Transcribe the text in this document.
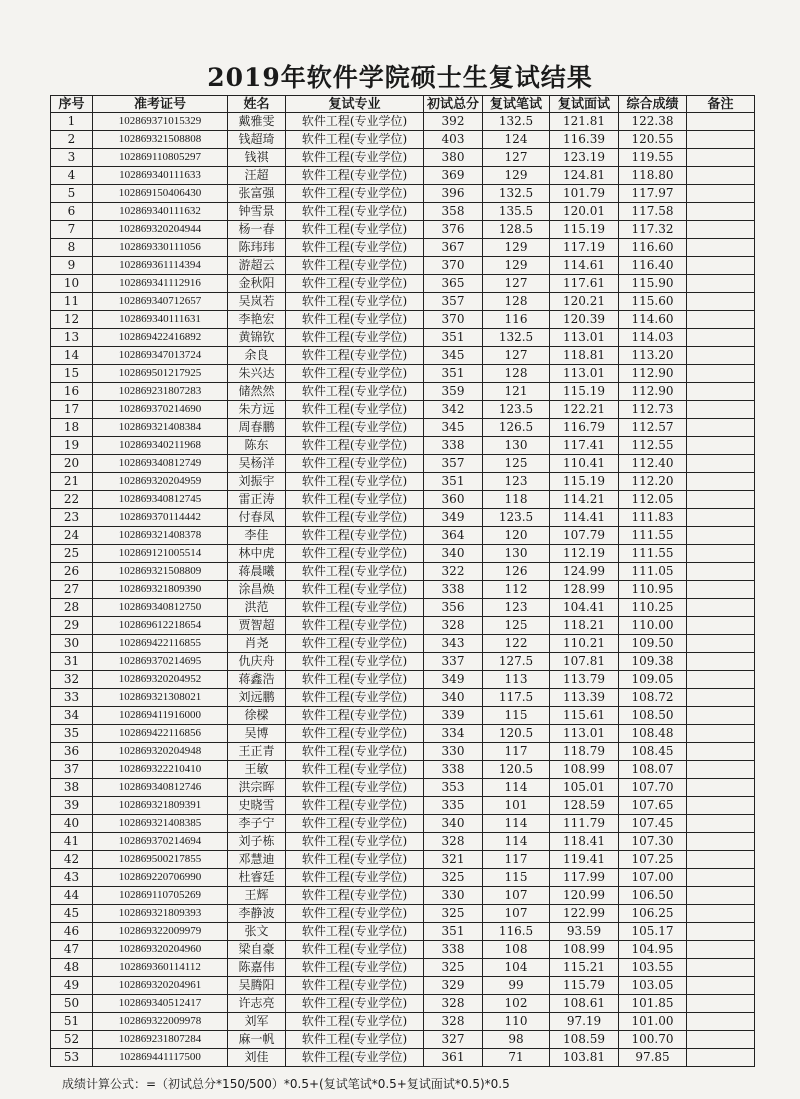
2019年软件学院硕士生复试结果
序号	准考证号	姓名	复试专业	初试总分	复试笔试	复试面试	综合成绩	备注
1	102869371015329	戴雅雯	软件工程(专业学位)	392	132.5	121.81	122.38	
2	102869321508808	钱超琦	软件工程(专业学位)	403	124	116.39	120.55	
3	102869110805297	钱祺	软件工程(专业学位)	380	127	123.19	119.55	
4	102869340111633	汪超	软件工程(专业学位)	369	129	124.81	118.80	
5	102869150406430	张富强	软件工程(专业学位)	396	132.5	101.79	117.97	
6	102869340111632	钟雪景	软件工程(专业学位)	358	135.5	120.01	117.58	
7	102869320204944	杨一春	软件工程(专业学位)	376	128.5	115.19	117.32	
8	102869330111056	陈玮玮	软件工程(专业学位)	367	129	117.19	116.60	
9	102869361114394	游超云	软件工程(专业学位)	370	129	114.61	116.40	
10	102869341112916	金秋阳	软件工程(专业学位)	365	127	117.61	115.90	
11	102869340712657	吴岚若	软件工程(专业学位)	357	128	120.21	115.60	
12	102869340111631	李艳宏	软件工程(专业学位)	370	116	120.39	114.60	
13	102869422416892	黄锦钦	软件工程(专业学位)	351	132.5	113.01	114.03	
14	102869347013724	余良	软件工程(专业学位)	345	127	118.81	113.20	
15	102869501217925	朱兴达	软件工程(专业学位)	351	128	113.01	112.90	
16	102869231807283	储然然	软件工程(专业学位)	359	121	115.19	112.90	
17	102869370214690	朱方远	软件工程(专业学位)	342	123.5	122.21	112.73	
18	102869321408384	周春鹏	软件工程(专业学位)	345	126.5	116.79	112.57	
19	102869340211968	陈东	软件工程(专业学位)	338	130	117.41	112.55	
20	102869340812749	吴杨洋	软件工程(专业学位)	357	125	110.41	112.40	
21	102869320204959	刘振宇	软件工程(专业学位)	351	123	115.19	112.20	
22	102869340812745	雷正涛	软件工程(专业学位)	360	118	114.21	112.05	
23	102869370114442	付春凤	软件工程(专业学位)	349	123.5	114.41	111.83	
24	102869321408378	李佳	软件工程(专业学位)	364	120	107.79	111.55	
25	102869121005514	林中虎	软件工程(专业学位)	340	130	112.19	111.55	
26	102869321508809	蒋晨曦	软件工程(专业学位)	322	126	124.99	111.05	
27	102869321809390	涂昌焕	软件工程(专业学位)	338	112	128.99	110.95	
28	102869340812750	洪范	软件工程(专业学位)	356	123	104.41	110.25	
29	102869612218654	贾智超	软件工程(专业学位)	328	125	118.21	110.00	
30	102869422116855	肖尧	软件工程(专业学位)	343	122	110.21	109.50	
31	102869370214695	仇庆舟	软件工程(专业学位)	337	127.5	107.81	109.38	
32	102869320204952	蒋鑫浩	软件工程(专业学位)	349	113	113.79	109.05	
33	102869321308021	刘远鹏	软件工程(专业学位)	340	117.5	113.39	108.72	
34	102869411916000	徐樑	软件工程(专业学位)	339	115	115.61	108.50	
35	102869422116856	吴博	软件工程(专业学位)	334	120.5	113.01	108.48	
36	102869320204948	王正青	软件工程(专业学位)	330	117	118.79	108.45	
37	102869322210410	王敏	软件工程(专业学位)	338	120.5	108.99	108.07	
38	102869340812746	洪宗晖	软件工程(专业学位)	353	114	105.01	107.70	
39	102869321809391	史晓雪	软件工程(专业学位)	335	101	128.59	107.65	
40	102869321408385	李子宁	软件工程(专业学位)	340	114	111.79	107.45	
41	102869370214694	刘子栋	软件工程(专业学位)	328	114	118.41	107.30	
42	102869500217855	邓慧迪	软件工程(专业学位)	321	117	119.41	107.25	
43	102869220706990	杜睿廷	软件工程(专业学位)	325	115	117.99	107.00	
44	102869110705269	王辉	软件工程(专业学位)	330	107	120.99	106.50	
45	102869321809393	李静波	软件工程(专业学位)	325	107	122.99	106.25	
46	102869322009979	张文	软件工程(专业学位)	351	116.5	93.59	105.17	
47	102869320204960	梁自豪	软件工程(专业学位)	338	108	108.99	104.95	
48	102869360114112	陈嘉伟	软件工程(专业学位)	325	104	115.21	103.55	
49	102869320204961	吴腾阳	软件工程(专业学位)	329	99	115.79	103.05	
50	102869340512417	许志亮	软件工程(专业学位)	328	102	108.61	101.85	
51	102869322009978	刘军	软件工程(专业学位)	328	110	97.19	101.00	
52	102869231807284	麻一帆	软件工程(专业学位)	327	98	108.59	100.70	
53	102869441117500	刘佳	软件工程(专业学位)	361	71	103.81	97.85	
成绩计算公式：=（初试总分*150/500）*0.5+(复试笔试*0.5+复试面试*0.5)*0.5
